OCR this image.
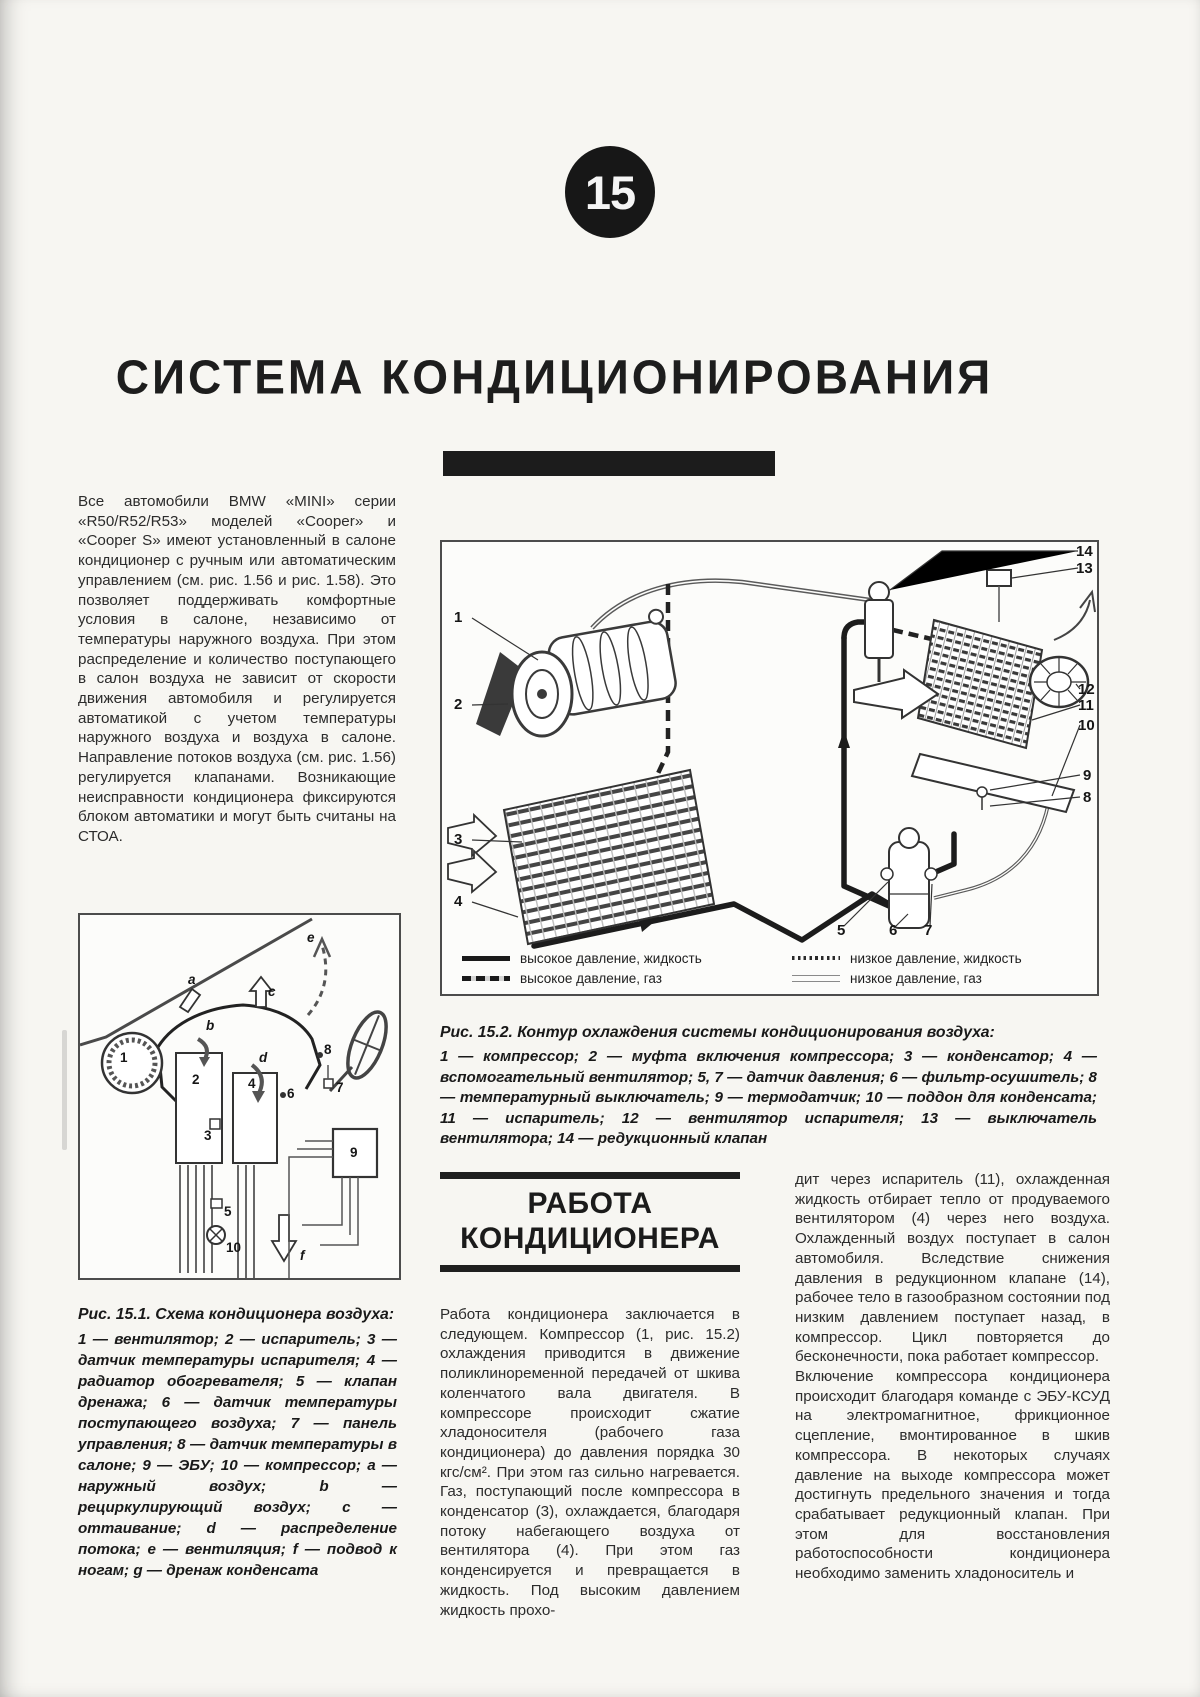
15
СИСТЕМА КОНДИЦИОНИРОВАНИЯ
Все автомобили BMW «MINI» серии «R50/R52/R53» моделей «Cooper» и «Cooper S» имеют установленный в салоне кондиционер с ручным или автоматическим управлением (см. рис. 1.56 и рис. 1.58). Это позволяет поддерживать комфортные условия в салоне, независимо от температуры наружного воздуха. При этом распределение и количество поступающего в салон воздуха не зависит от скорости движения автомобиля и регулируется автоматикой с учетом температуры наружного воздуха и воздуха в салоне. Направление потоков воздуха (см. рис. 1.56) регулируется клапанами. Возникающие неисправности кондиционера фиксируются блоком автоматики и могут быть считаны на СТОА.
1
2
3
4
5	6 7
8
9
10
11
12
13
14
высокое давление, жидкость
высокое давление, газ
низкое давление, жидкость
низкое давление, газ
Рис. 15.2. Контур охлаждения системы кондиционирования воздуха:
1 — компрессор; 2 — муфта включения компрессора; 3 — конденсатор; 4 — вспомогательный вентилятор; 5, 7 — датчик давления; 6 — фильтр-осушитель; 8 — температурный выключатель; 9 — термодатчик; 10 — поддон для конденсата; 11 — испаритель; 12 — вентилятор испарителя; 13 — выключатель вентилятора; 14 — редукционный клапан
1
2
3
4
5
6	7
8
9
10
a
b
c
d
e
f
Рис. 15.1. Схема кондиционера воздуха:
1 — вентилятор; 2 — испаритель; 3 — датчик температуры испарителя; 4 — радиатор обогревателя; 5 — клапан дренажа; 6 — датчик температуры поступающего воздуха; 7 — панель управления; 8 — датчик температуры в салоне; 9 — ЭБУ; 10 — компрессор; a — наружный воздух; b — рециркулирующий воздух; c — оттаивание; d — распределение потока; e — вентиляция; f — подвод к ногам; g — дренаж конденсата
РАБОТА
КОНДИЦИОНЕРА
Работа кондиционера заключается в следующем. Компрессор (1, рис. 15.2) охлаждения приводится в движение поликлиноременной передачей от шкива коленчатого вала двигателя. В компрессоре происходит сжатие хладоносителя (рабочего газа кондиционера) до давления порядка 30 кгс/см². При этом газ сильно нагревается. Газ, поступающий после компрессора в конденсатор (3), охлаждается, благодаря потоку набегающего воздуха от вентилятора (4). При этом газ конденсируется и превращается в жидкость. Под высоким давлением жидкость прохо-

дит через испаритель (11), охлажденная жидкость отбирает тепло от продуваемого вентилятором (4) через него воздуха. Охлажденный воздух поступает в салон автомобиля. Вследствие снижения давления в редукционном клапане (14), рабочее тело в газообразном состоянии под низким давлением поступает назад, в компрессор. Цикл повторяется до бесконечности, пока работает компрессор.

Включение компрессора кондиционера происходит благодаря команде с ЭБУ-КСУД на электромагнитное, фрикционное сцепление, вмонтированное в шкив компрессора. В некоторых случаях давление на выходе компрессора может достигнуть предельного значения и тогда срабатывает редукционный клапан. При этом для восстановления работоспособности кондиционера необходимо заменить хладоноситель и
